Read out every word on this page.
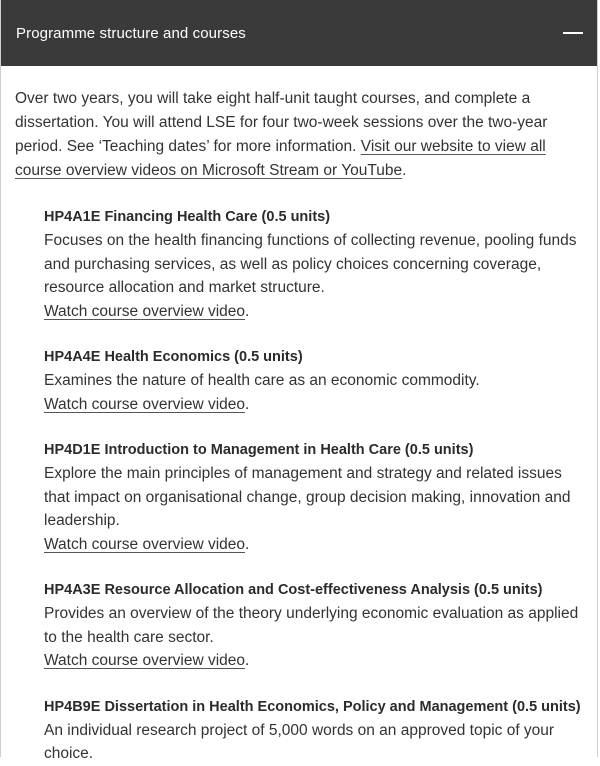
Programme structure and courses

Over two years, you will take eight half-unit taught courses, and complete a dissertation. You will attend LSE for four two-week sessions over the two-year period. See ‘Teaching dates’ for more information. Visit our website to view all course overview videos on Microsoft Stream or YouTube.

HP4A1E Financing Health Care (0.5 units)

Focuses on the health financing functions of collecting revenue, pooling funds and purchasing services, as well as policy choices concerning coverage, resource allocation and market structure.

Watch course overview video.

HP4A4E Health Economics (0.5 units)

Examines the nature of health care as an economic commodity.

Watch course overview video.

HP4D1E Introduction to Management in Health Care (0.5 units)

Explore the main principles of management and strategy and related issues that impact on organisational change, group decision making, innovation and leadership.

Watch course overview video.

HP4A3E Resource Allocation and Cost-effectiveness Analysis (0.5 units)

Provides an overview of the theory underlying economic evaluation as applied to the health care sector.

Watch course overview video.

HP4B9E Dissertation in Health Economics, Policy and Management (0.5 units)

An individual research project of 5,000 words on an approved topic of your choice.
